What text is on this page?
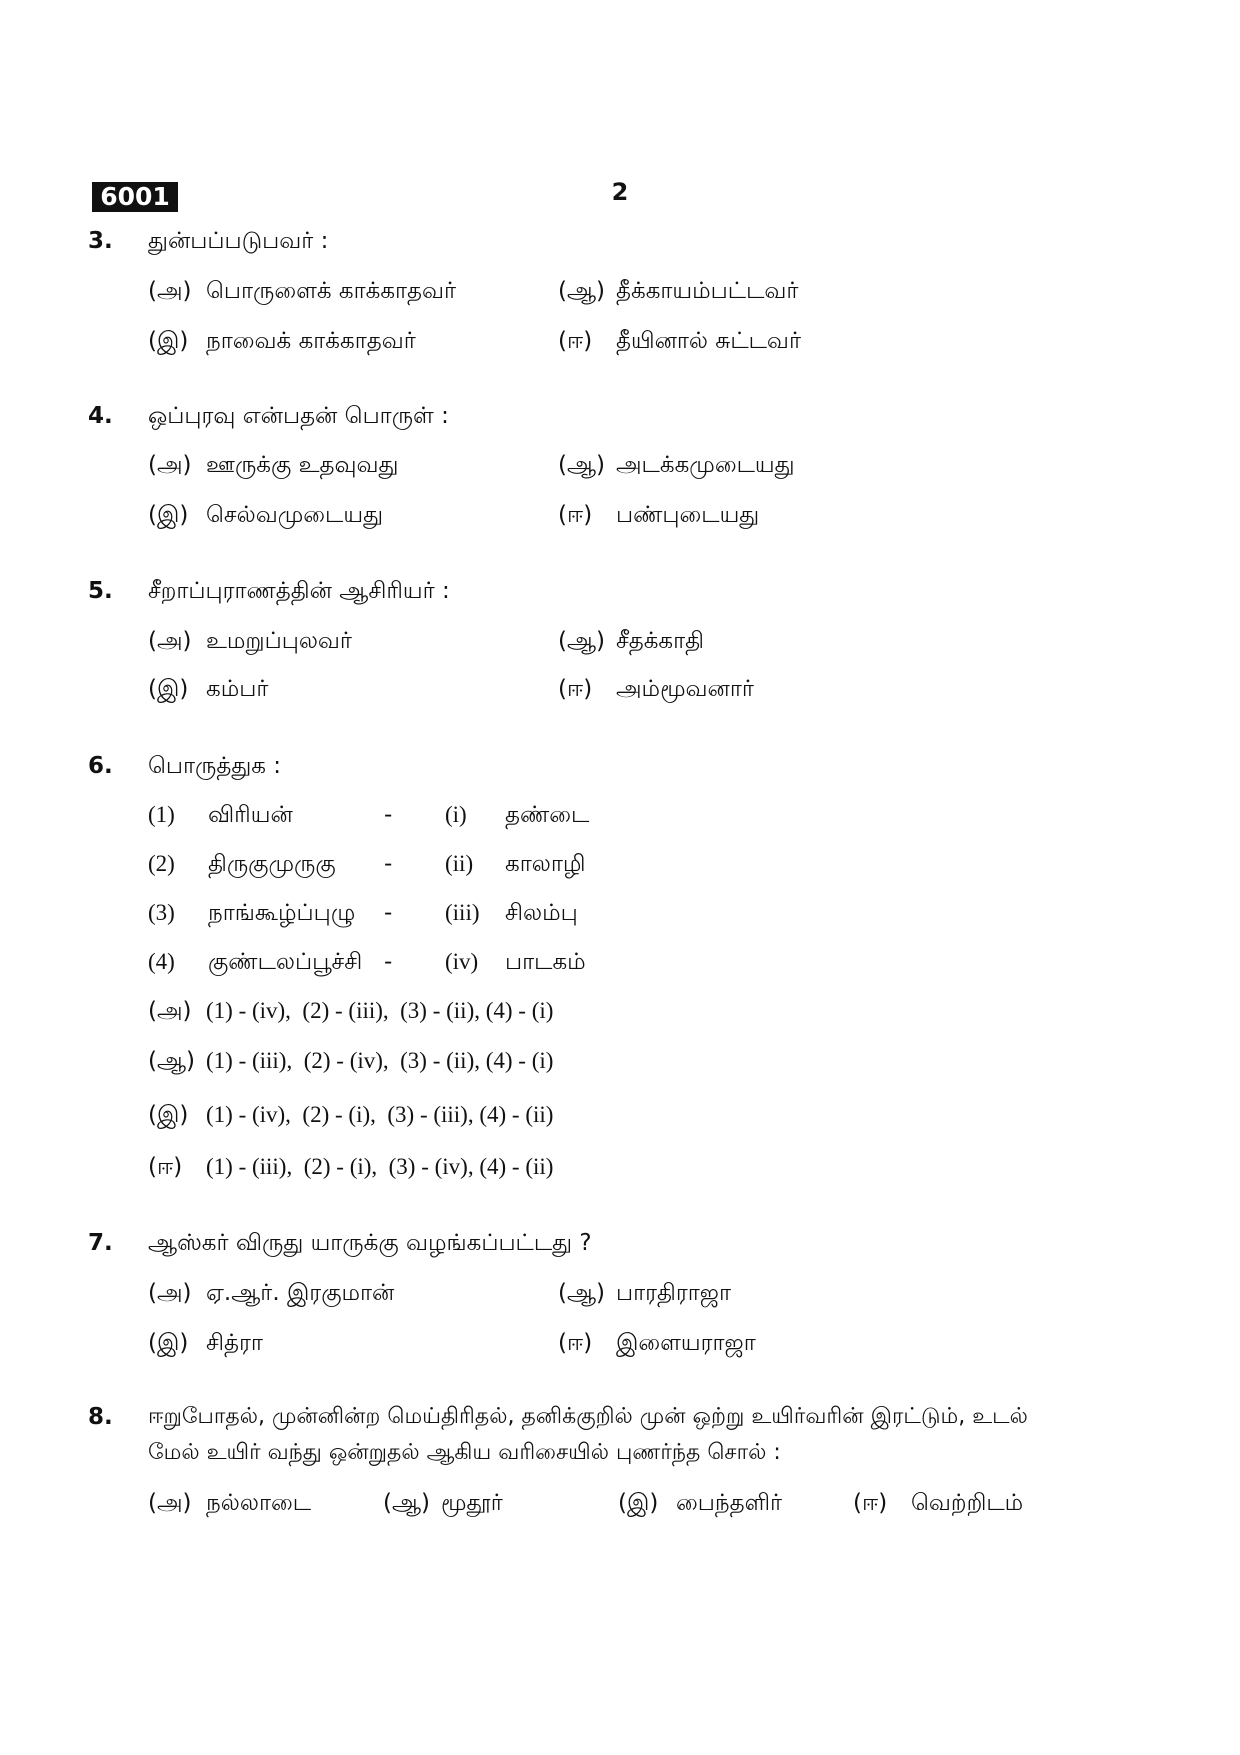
6001	2
3. துன்பப்படுபவர் :
(அ) பொருளைக் காக்காதவர்	(ஆ) தீக்காயம்பட்டவர்
(இ) நாவைக் காக்காதவர்	(ஈ)	தீயினால் சுட்டவர்
4. ஒப்புரவு என்பதன் பொருள் :
(அ) ஊருக்கு உதவுவது	(ஆ) அடக்கமுடையது
(இ) செல்வமுடையது	(ஈ)	பண்புடையது
5. சீறாப்புராணத்தின் ஆசிரியர் :
(அ) உமறுப்புலவர்	(ஆ) சீதக்காதி
(இ) கம்பர்	(ஈ)	அம்மூவனார்
6. பொருத்துக :
(1) விரியன்	- (i) தண்டை
(2) திருகுமுருகு - (ii) காலாழி
(3) நாங்கூழ்ப்புழு - (iii) சிலம்பு
(4) குண்டலப்பூச்சி - (iv) பாடகம்
(அ) (1) - (iv),  (2) - (iii),  (3) - (ii), (4) - (i)
(ஆ) (1) - (iii),  (2) - (iv),  (3) - (ii), (4) - (i)
(இ) (1) - (iv),  (2) - (i),  (3) - (iii), (4) - (ii)
(ஈ)	(1) - (iii),  (2) - (i),  (3) - (iv), (4) - (ii)
7. ஆஸ்கர் விருது யாருக்கு வழங்கப்பட்டது ?
(அ) ஏ.ஆர். இரகுமான்	(ஆ) பாரதிராஜா
(இ) சித்ரா	(ஈ)	இளையராஜா
8. ஈறுபோதல், முன்னின்ற மெய்திரிதல், தனிக்குறில் முன் ஒற்று உயிர்வரின் இரட்டும், உடல்
மேல் உயிர் வந்து ஒன்றுதல் ஆகிய வரிசையில் புணர்ந்த சொல் :
(அ) நல்லாடை	(ஆ) மூதூர்	(இ) பைந்தளிர்	(ஈ)	வெற்றிடம்
